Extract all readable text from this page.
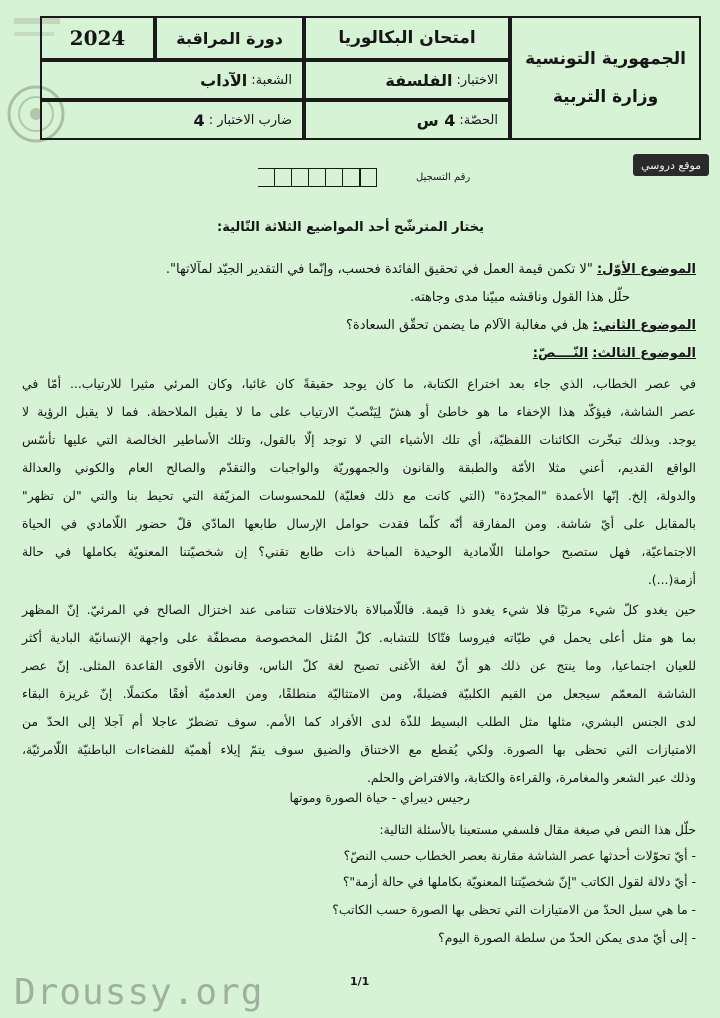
الجمهورية التونسية
وزارة التربية
امتحان البكالوريا
دورة المراقبة
2024
الاختبار:
الفلسفة
الشعبة:
الآداب
الحصّة:
4 س
ضارب الاختبار :
4
موقع دروسي
رقم التسجيل
يختار المترشّح أحد المواضيع الثلاثة التّالية:
الموضوع الأوّل: "لا تكمن قيمة العمل في تحقيق الفائدة فحسب، وإنّما في التقدير الجيّد لمآلاتها".
حلّل هذا القول وناقشه مبيّنا مدى وجاهته.
الموضوع الثاني: هل في مغالبة الآلام ما يضمن تحقّق السعادة؟
الموضوع الثالث: النّــــصّ:
في عصر الخطاب، الذي جاء بعد اختراع الكتابة، ما كان يوجد حقيقةً كان غائبا، وكان المرئي مثيرا للارتياب... أمّا في
عصر الشاشة، فيؤكّد هذا الإخفاء ما هو خاطئ أو هشّ لِيَنْصبّ الارتياب على ما لا يقبل الملاحظة. فما لا يقبل الرؤية لا
يوجد. وبذلك تبخّرت الكائنات اللفظيّة، أي تلك الأشياء التي لا توجد إلّا بالقول، وتلك الأساطير الخالصة التي عليها تأسّس
الواقع القديم، أعني مثلا الأمّة والطبقة والقانون والجمهوريّة والواجبات والتقدّم والصالح العام والكوني والعدالة
والدولة، إلخ. إنّها الأعمدة "المجرّدة" (التي كانت مع ذلك فعليّة) للمحسوسات المزيّفة التي تحيط بنا والتي "لن تظهر"
بالمقابل على أيّ شاشة. ومن المفارقة أنّه كلّما فقدت حوامل الإرسال طابعها المادّي قلّ حضور اللّامادي في الحياة
الاجتماعيّة، فهل ستصبح حواملنا اللّامادية الوحيدة المباحة ذات طابع تقني؟ إن شخصيّتنا المعنويّة بكاملها في حالة
أزمة(...).
حين يغدو كلّ شيء مرئيًا فلا شيء يغدو ذا قيمة. فاللّامبالاة بالاختلافات تتنامى عند اختزال الصالح في المرئيّ. إنّ المظهر
بما هو مثل أعلى يحمل في طيّاته فيروسا فتّاكا للتشابه. كلّ المُثل المخصوصة مصطفّة على واجهة الإنسانيّة البادية أكثر
للعيان اجتماعيا، وما ينتج عن ذلك هو أنّ لغة الأغنى تصبح لغة كلّ الناس، وقانون الأقوى القاعدة المثلى. إنّ عصر
الشاشة المعمّم سيجعل من القيم الكلبيّة فضيلةً، ومن الامتثاليّة منطلقًا، ومن العدميّة أفقًا مكتملًا. إنّ غريزة البقاء
لدى الجنس البشري، مثلها مثل الطلب البسيط للذّة لدى الأفراد كما الأمم. سوف تضطرّ عاجلا أم آجلا إلى الحدّ من
الامتيازات التي تحظى بها الصورة. ولكي يُقطع مع الاختناق والضيق سوف يتمّ إيلاء أهميّة للفضاءات الباطنيّة اللّامرئيّة،
وذلك عبر الشعر والمغامرة، والقراءة والكتابة، والافتراض والحلم.
رجيس ديبراي - حياة الصورة وموتها
حلّل هذا النص في صيغة مقال فلسفي مستعينا بالأسئلة التالية:
- أيّ تحوّلات أحدثها عصر الشاشة مقارنة بعصر الخطاب حسب النصّ؟
- أيّ دلالة لقول الكاتب "إنّ شخصيّتنا المعنويّة بكاملها في حالة أزمة"؟
- ما هي سبل الحدّ من الامتيازات التي تحظى بها الصورة حسب الكاتب؟
- إلى أيّ مدى يمكن الحدّ من سلطة الصورة اليوم؟
1/1
Droussy.org
